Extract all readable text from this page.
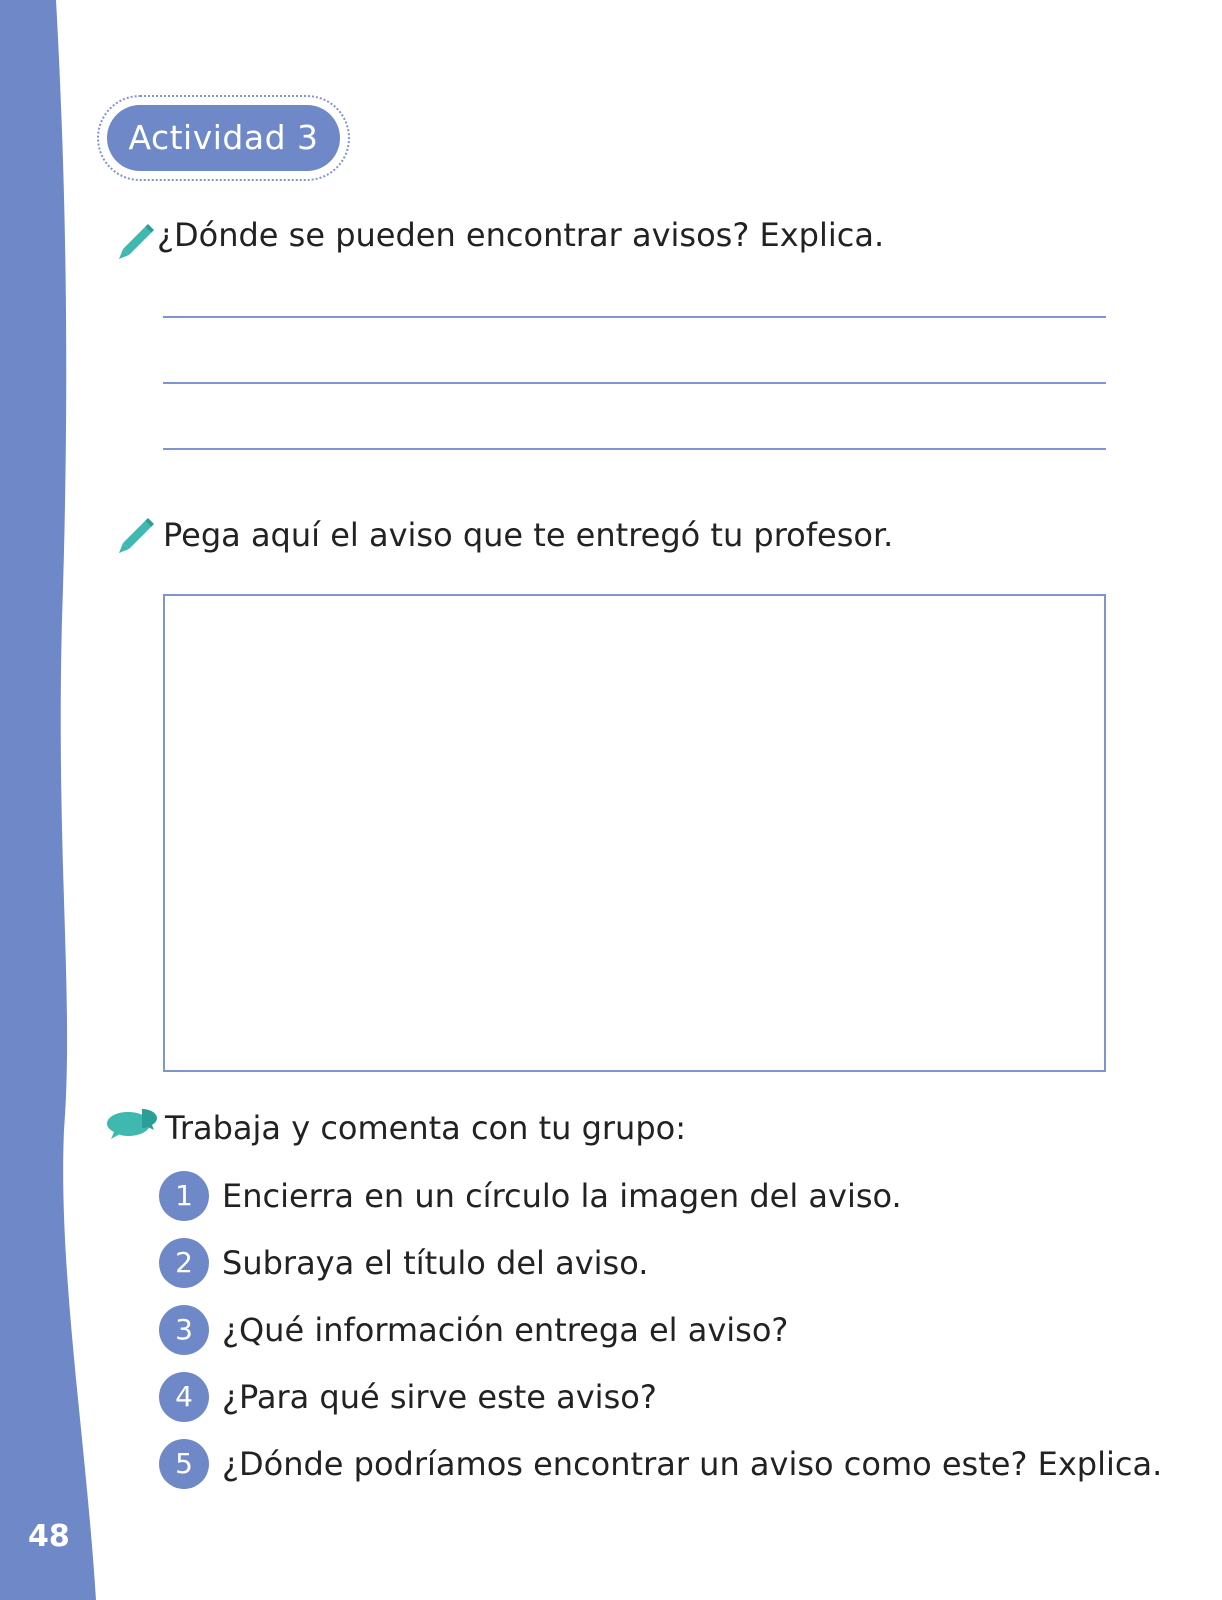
48
Actividad 3
¿Dónde se pueden encontrar avisos? Explica.
Pega aquí el aviso que te entregó tu profesor.
Trabaja y comenta con tu grupo:
1 Encierra en un círculo la imagen del aviso.
2 Subraya el título del aviso.
3 ¿Qué información entrega el aviso?
4 ¿Para qué sirve este aviso?
5 ¿Dónde podríamos encontrar un aviso como este? Explica.
